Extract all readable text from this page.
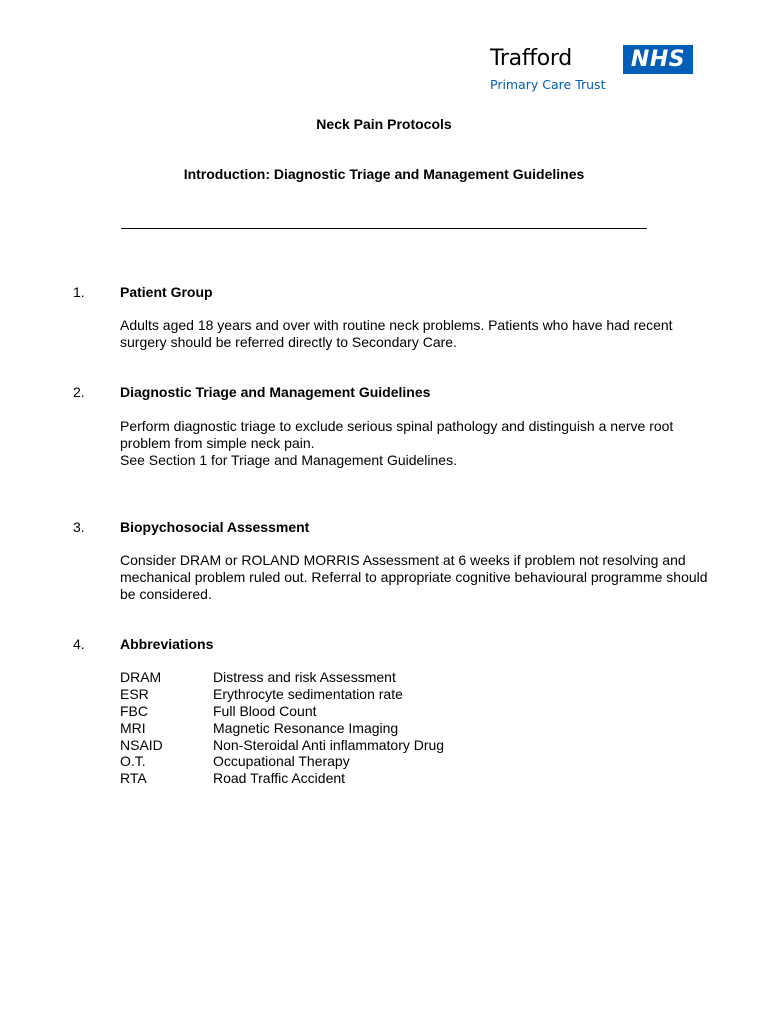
Trafford	NHS
Primary Care Trust
Neck Pain Protocols
Introduction: Diagnostic Triage and Management Guidelines
1.	Patient Group

Adults aged 18 years and over with routine neck problems. Patients who have had recent surgery should be referred directly to Secondary Care.

2.	Diagnostic Triage and Management Guidelines

Perform diagnostic triage to exclude serious spinal pathology and distinguish a nerve root problem from simple neck pain.

See Section 1 for Triage and Management Guidelines.

3.	Biopychosocial Assessment

Consider DRAM or ROLAND MORRIS Assessment at 6 weeks if problem not resolving and mechanical problem ruled out. Referral to appropriate cognitive behavioural programme should be considered.

4.	Abbreviations
DRAM	Distress and risk Assessment
ESR	Erythrocyte sedimentation rate
FBC	Full Blood Count
MRI	Magnetic Resonance Imaging
NSAID	Non-Steroidal Anti inflammatory Drug
O.T.	Occupational Therapy
RTA	Road Traffic Accident
